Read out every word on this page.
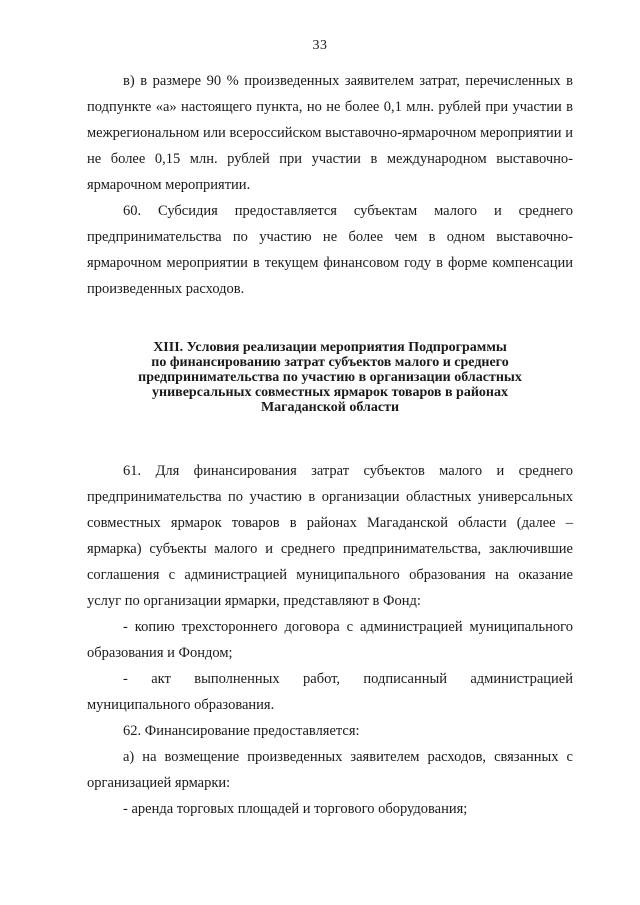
33

в) в размере 90 % произведенных заявителем затрат, перечисленных в подпункте «а» настоящего пункта, но не более 0,1 млн. рублей при участии в межрегиональном или всероссийском выставочно-ярмарочном мероприятии и не более 0,15 млн. рублей при участии в международном выставочно-ярмарочном мероприятии.

60. Субсидия предоставляется субъектам малого и среднего предпринимательства по участию не более чем в одном выставочно-ярмарочном мероприятии в текущем финансовом году в форме компенсации произведенных расходов.

XIII. Условия реализации мероприятия Подпрограммы
по финансированию затрат субъектов малого и среднего
предпринимательства по участию в организации областных
универсальных совместных ярмарок товаров в районах
Магаданской области

61. Для финансирования затрат субъектов малого и среднего предпринимательства по участию в организации областных универсальных совместных ярмарок товаров в районах Магаданской области (далее – ярмарка) субъекты малого и среднего предпринимательства, заключившие соглашения с администрацией муниципального образования на оказание услуг по организации ярмарки, представляют в Фонд:

- копию трехстороннего договора с администрацией муниципального образования и Фондом;

- акт выполненных работ, подписанный администрацией муниципального образования.

62. Финансирование предоставляется:

а) на возмещение произведенных заявителем расходов, связанных с организацией ярмарки:

- аренда торговых площадей и торгового оборудования;
